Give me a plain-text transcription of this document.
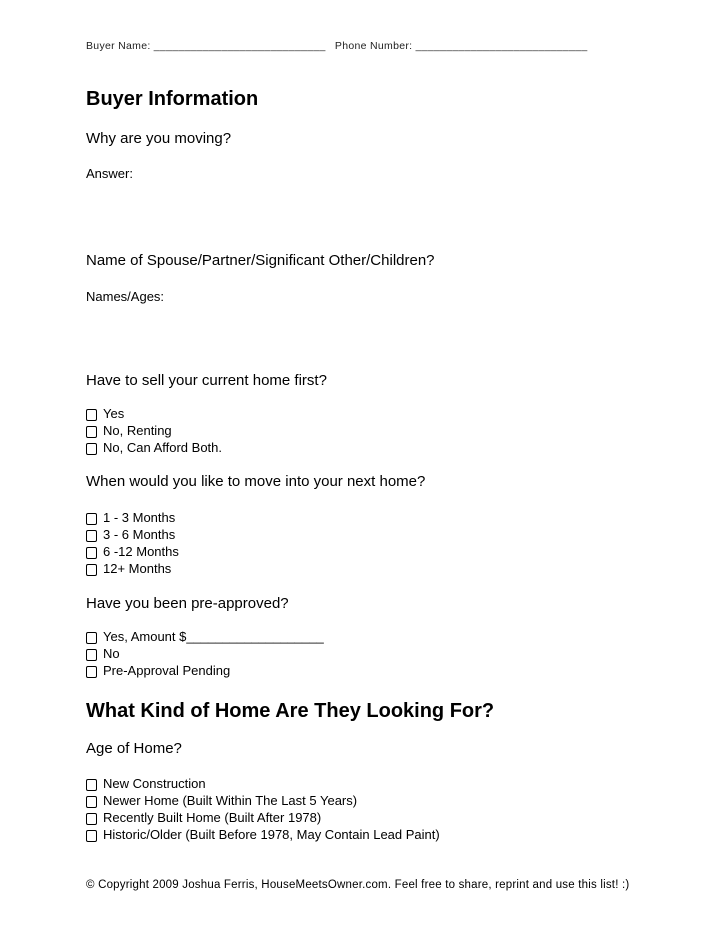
Buyer Name: ____________________________ Phone Number: ____________________________
Buyer Information
Why are you moving?
Answer:
Name of Spouse/Partner/Significant Other/Children?
Names/Ages:
Have to sell your current home first?
Yes
No, Renting
No, Can Afford Both.
When would you like to move into your next home?
1 - 3 Months
3 - 6 Months
6 -12 Months
12+ Months
Have you been pre-approved?
Yes, Amount $___________________
No
Pre-Approval Pending
What Kind of Home Are They Looking For?
Age of Home?
New Construction
Newer Home (Built Within The Last 5 Years)
Recently Built Home (Built After 1978)
Historic/Older (Built Before 1978, May Contain Lead Paint)
© Copyright 2009 Joshua Ferris, HouseMeetsOwner.com. Feel free to share, reprint and use this list! :)
